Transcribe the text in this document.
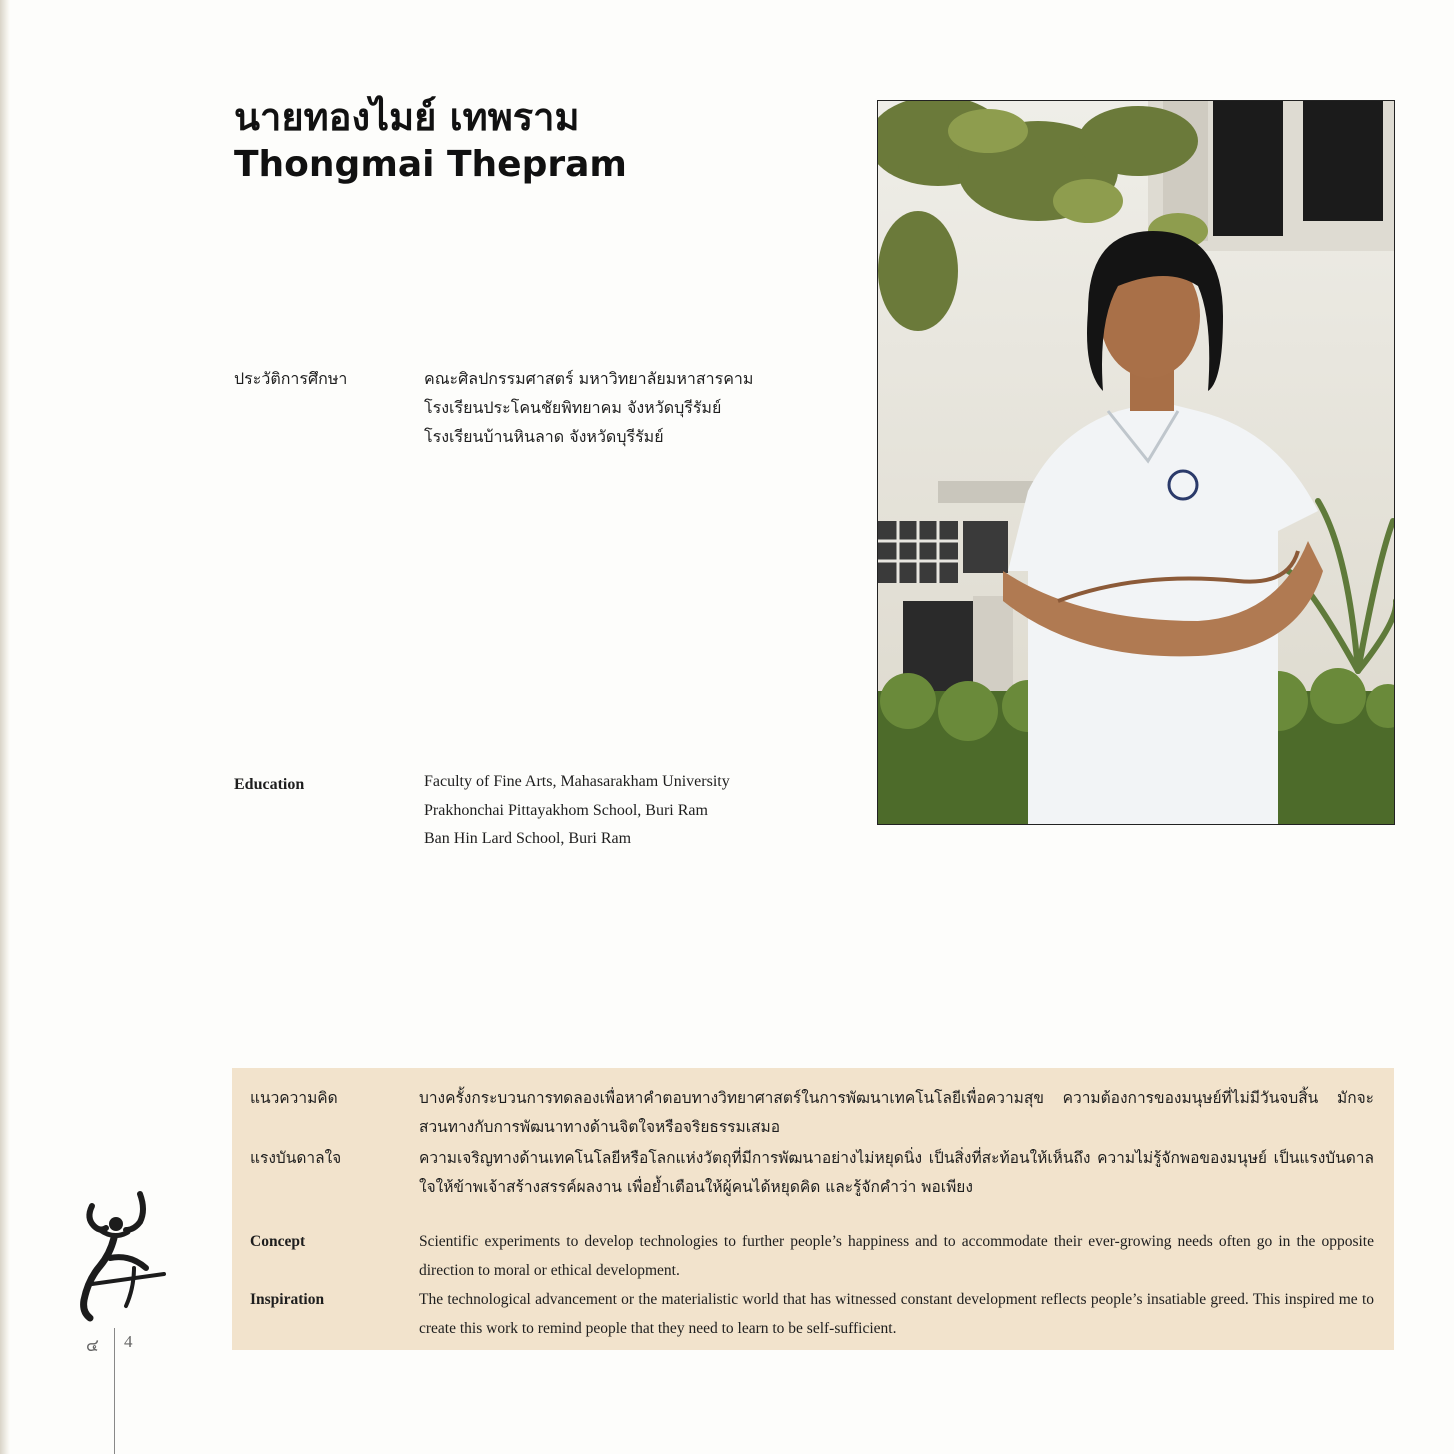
นายทองไมย์ เทพราม
Thongmai Thepram
ประวัติการศึกษา	คณะศิลปกรรมศาสตร์ มหาวิทยาลัยมหาสารคาม
โรงเรียนประโคนชัยพิทยาคม จังหวัดบุรีรัมย์
โรงเรียนบ้านหินลาด จังหวัดบุรีรัมย์
Education	Faculty of Fine Arts, Mahasarakham University
Prakhonchai Pittayakhom School, Buri Ram
Ban Hin Lard School, Buri Ram
แนวความคิด	บางครั้งกระบวนการทดลองเพื่อหาคำตอบทางวิทยาศาสตร์ในการพัฒนาเทคโนโลยีเพื่อความสุข ความต้องการของมนุษย์ที่ไม่มีวันจบสิ้น มักจะสวนทางกับการพัฒนาทางด้านจิตใจหรือจริยธรรมเสมอ
แรงบันดาลใจ	ความเจริญทางด้านเทคโนโลยีหรือโลกแห่งวัตถุที่มีการพัฒนาอย่างไม่หยุดนิ่ง เป็นสิ่งที่สะท้อนให้เห็นถึง ความไม่รู้จักพอของมนุษย์ เป็นแรงบันดาลใจให้ข้าพเจ้าสร้างสรรค์ผลงาน เพื่อย้ำเตือนให้ผู้คนได้หยุดคิด และรู้จักคำว่า พอเพียง
Concept	Scientific experiments to develop technologies to further people’s happiness and to accommodate their ever-growing needs often go in the opposite direction to moral or ethical development.
Inspiration	The technological advancement or the materialistic world that has witnessed constant development reflects people’s insatiable greed. This inspired me to create this work to remind people that they need to learn to be self-sufficient.
๔ 4
